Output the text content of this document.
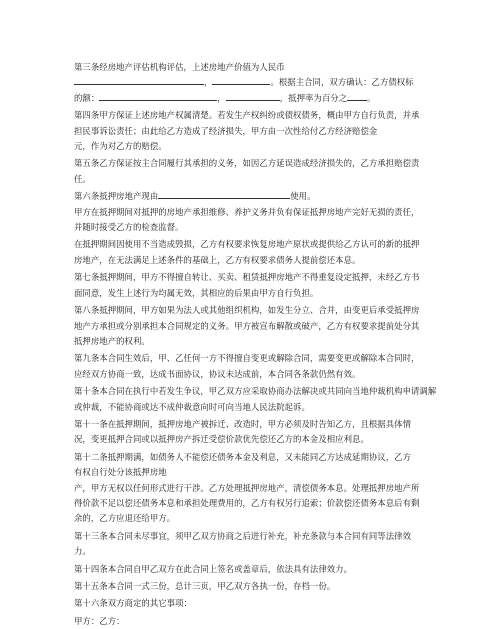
第三条经房地产评估机构评估，上述房地产价值为人民币
，	。根据主合同，双方确认：乙方债权标
的额：	，	，抵押率为百分之 。

第四条甲方保证上述房地产权属清楚。若发生产权纠纷或债权债务，概由甲方自行负责，并承
担民事诉讼责任；由此给乙方造成了经济损失，甲方由一次性给付乙方经济赔偿金
元，作为对乙方的赔偿。

第五条乙方保证按主合同履行其承担的义务，如因乙方延误造成经济损失的，乙方承担赔偿责
任。

第六条抵押房地产现由	使用。
甲方在抵押期间对抵押的房地产承担维修、养护义务并负有保证抵押房地产完好无损的责任，
并随时接受乙方的检查监督。

在抵押期间因使用不当造成毁损，乙方有权要求恢复房地产原状或提供给乙方认可的新的抵押
房地产，在无法满足上述条件的基础上，乙方有权要求债务人提前偿还本息。

第七条抵押期间，甲方不得擅自转让、买卖、租赁抵押房地产不得重复设定抵押，未经乙方书
面同意，发生上述行为均属无效，其相应的后果由甲方自行负担。

第八条抵押期间，甲方如果为法人或其他组织机构，如发生分立、合并，由变更后承受抵押房
地产方承担或分别承担本合同规定的义务。甲方被宣布解散或破产，乙方有权要求提前处分其
抵押房地产的权利。

第九条本合同生效后，甲、乙任何一方不得擅自变更或解除合同，需要变更或解除本合同时，
应经双方协商一致，达成书面协议，协议未达成前，本合同各条款仍然有效。

第十条本合同在执行中若发生争议，甲乙双方应采取协商办法解决或共同向当地仲裁机构申请调解
或仲裁，不能协商或达不成仲裁意向时可向当地人民法院起诉。

第十一条在抵押期间，抵押房地产被拆迁、改造时，甲方必须及时告知乙方，且根据具体情
况，变更抵押合同或以抵押房产拆迁受偿价款优先偿还乙方的本金及相应利息。

第十二条抵押期满，如债务人不能偿还债务本金及利息，又未能同乙方达成延期协议，乙方
有权自行处分该抵押房地
产，甲方无权以任何形式进行干涉。乙方处理抵押房地产，清偿债务本息。处理抵押房地产所
得价款不足以偿还债务本息和承担处理费用的，乙方有权另行追索；价款偿还债务本息后有剩
余的，乙方应退还给甲方。

第十三条本合同未尽事宜，须甲乙双方协商之后进行补充，补充条款与本合同有同等法律效
力。

第十四条本合同自甲乙双方在此合同上签名或盖章后，依法具有法律效力。

第十五条本合同一式三份，总计三页，甲乙双方各执一份，存档一份。

第十六条双方商定的其它事项：

甲方：乙方：
